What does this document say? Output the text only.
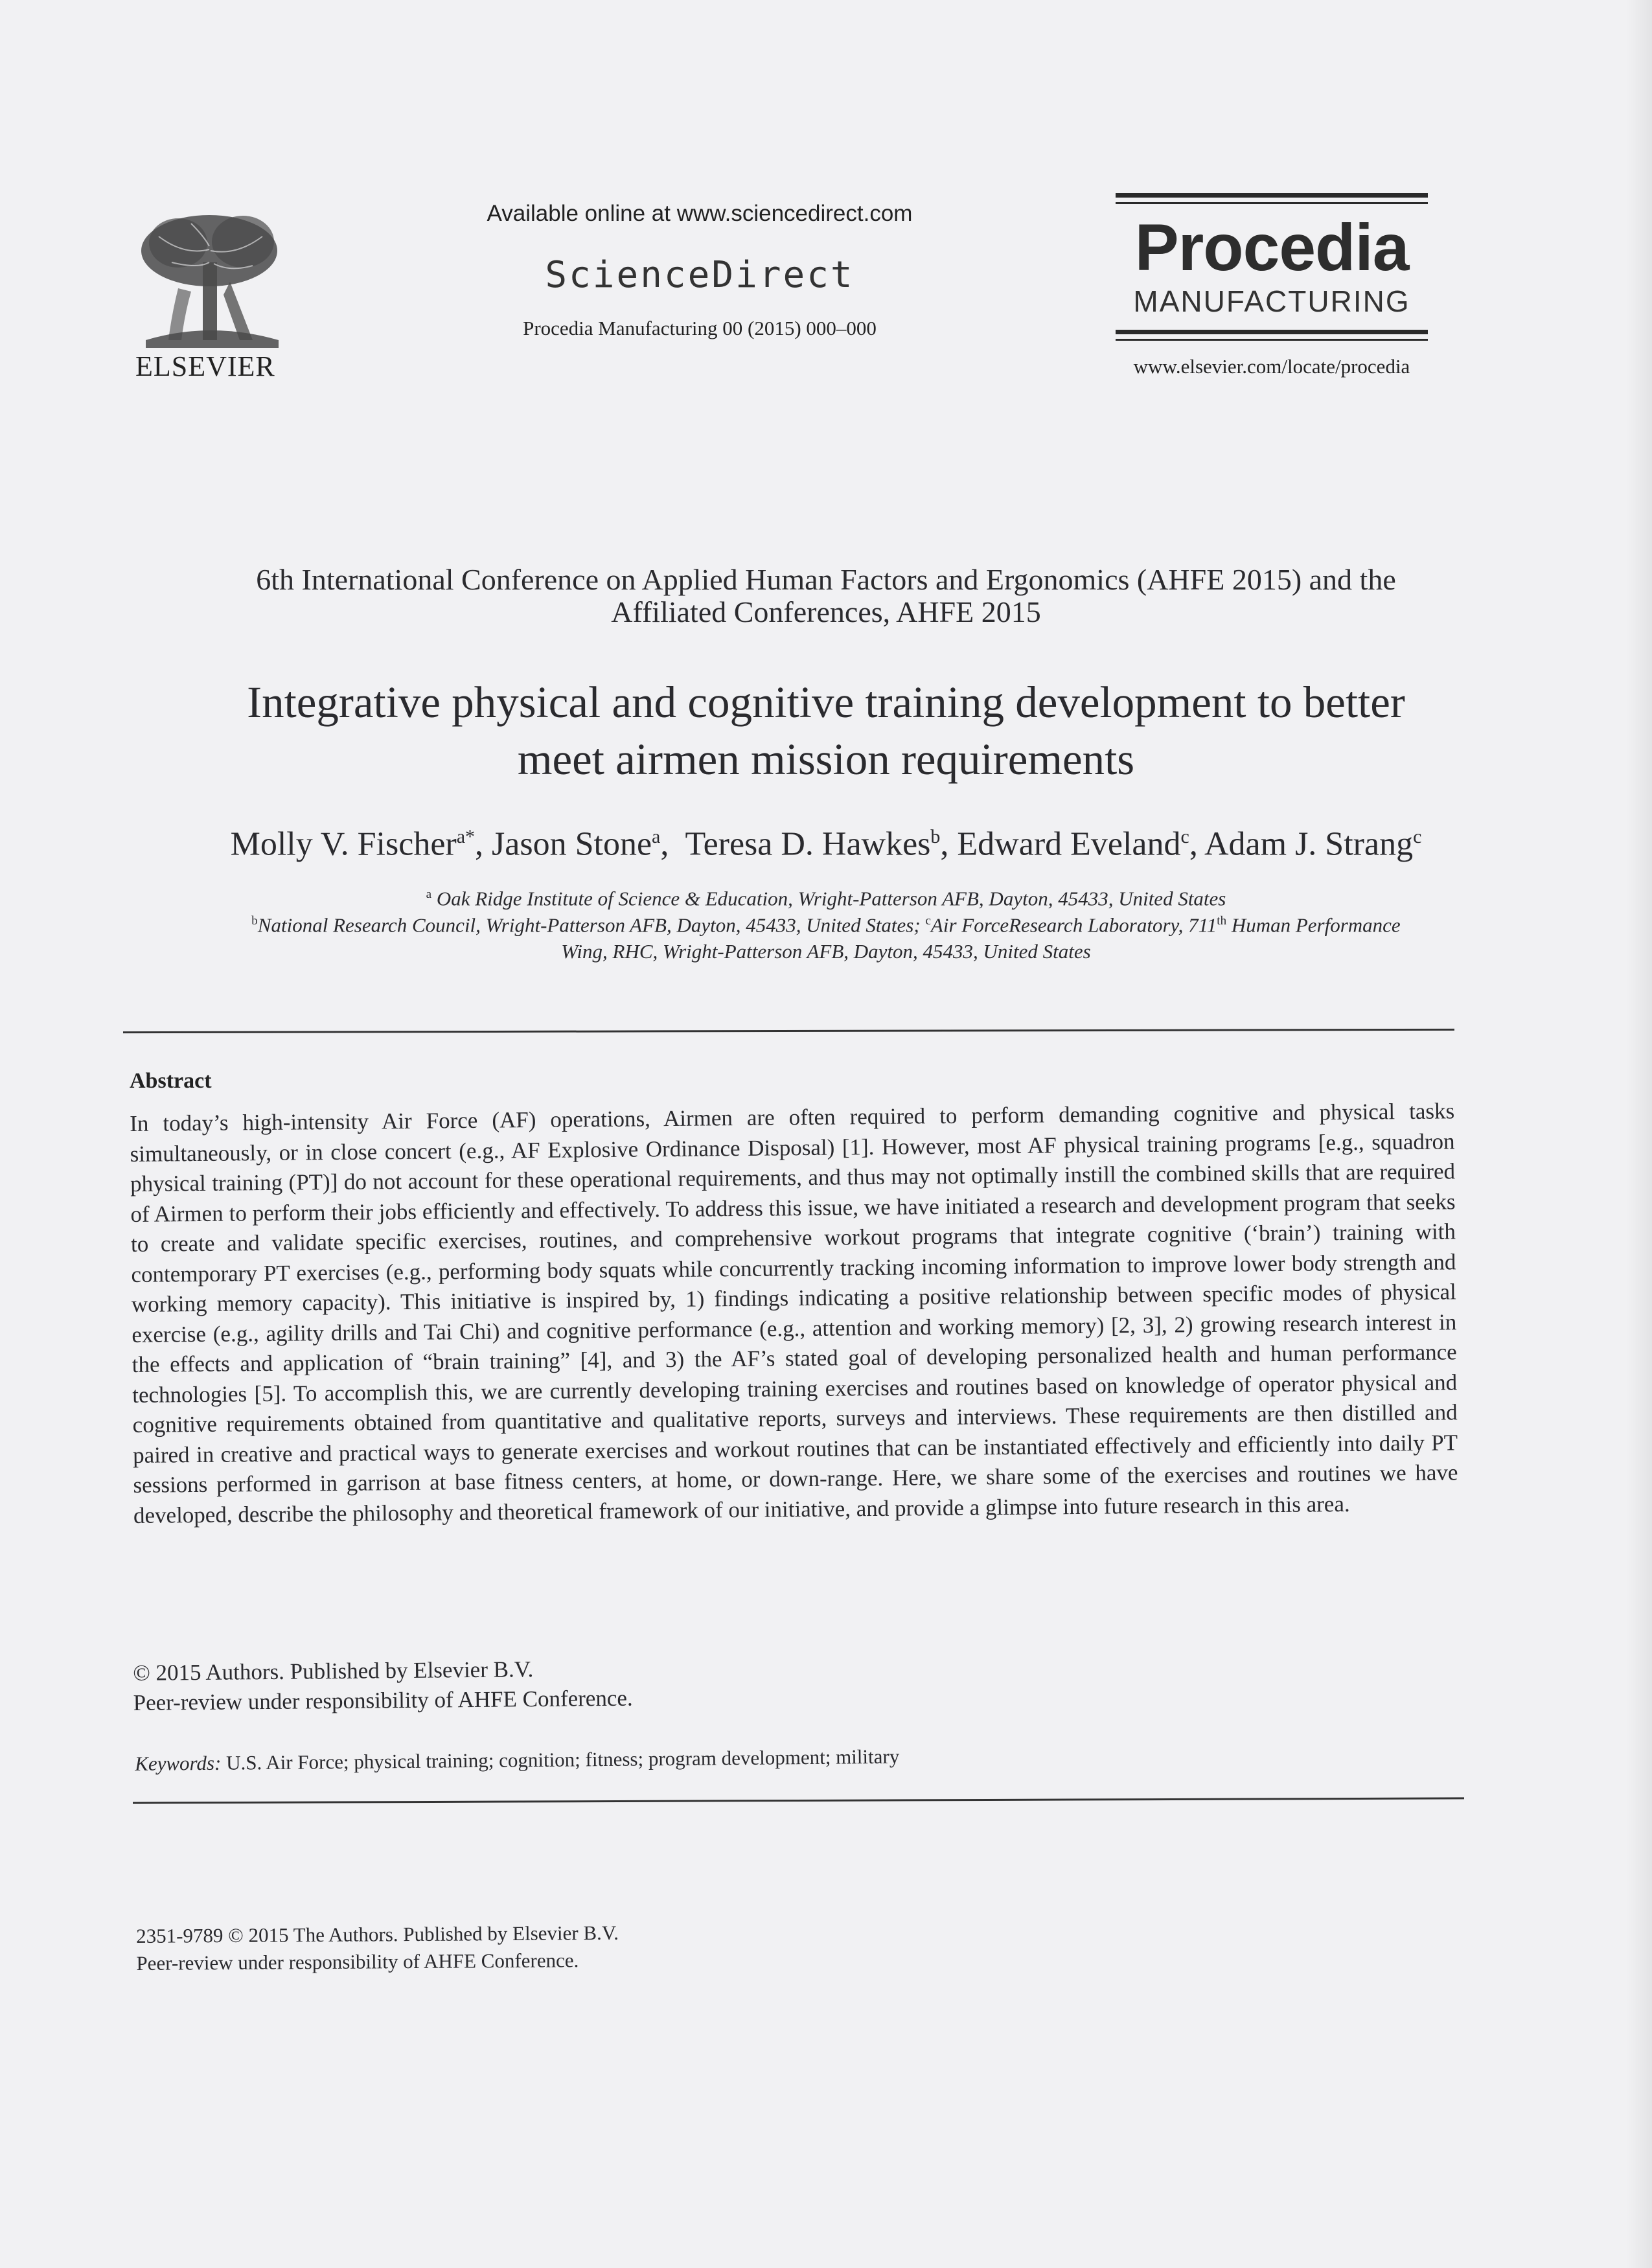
ELSEVIER
Available online at www.sciencedirect.com
ScienceDirect
Procedia Manufacturing 00 (2015) 000–000
Procedia
MANUFACTURING
www.elsevier.com/locate/procedia
6th International Conference on Applied Human Factors and Ergonomics (AHFE 2015) and the
Affiliated Conferences, AHFE 2015
Integrative physical and cognitive training development to better
meet airmen mission requirements
Molly V. Fischer$^{a*}$, Jason Stone$^a$,  Teresa D. Hawkes$^b$, Edward Eveland$^c$, Adam J. Strang$^c$
$^a$ Oak Ridge Institute of Science & Education, Wright-Patterson AFB, Dayton, 45433, United States
$^b$National Research Council, Wright-Patterson AFB, Dayton, 45433, United States; $^c$Air ForceResearch Laboratory, 711th Human Performance
Wing, RHC, Wright-Patterson AFB, Dayton, 45433, United States
Abstract
In today’s high-intensity Air Force (AF) operations, Airmen are often required to perform demanding cognitive and physical tasks simultaneously, or in close concert (e.g., AF Explosive Ordinance Disposal) [1]. However, most AF physical training programs [e.g., squadron physical training (PT)] do not account for these operational requirements, and thus may not optimally instill the combined skills that are required of Airmen to perform their jobs efficiently and effectively. To address this issue, we have initiated a research and development program that seeks to create and validate specific exercises, routines, and comprehensive workout programs that integrate cognitive (‘brain’) training with contemporary PT exercises (e.g., performing body squats while concurrently tracking incoming information to improve lower body strength and working memory capacity). This initiative is inspired by, 1) findings indicating a positive relationship between specific modes of physical exercise (e.g., agility drills and Tai Chi) and cognitive performance (e.g., attention and working memory) [2, 3], 2) growing research interest in the effects and application of “brain training” [4], and 3) the AF’s stated goal of developing personalized health and human performance technologies [5]. To accomplish this, we are currently developing training exercises and routines based on knowledge of operator physical and cognitive requirements obtained from quantitative and qualitative reports, surveys and interviews. These requirements are then distilled and paired in creative and practical ways to generate exercises and workout routines that can be instantiated effectively and efficiently into daily PT sessions performed in garrison at base fitness centers, at home, or down-range. Here, we share some of the exercises and routines we have developed, describe the philosophy and theoretical framework of our initiative, and provide a glimpse into future research in this area.
© 2015 Authors. Published by Elsevier B.V.
Peer-review under responsibility of AHFE Conference.
Keywords: U.S. Air Force; physical training; cognition; fitness; program development; military
2351-9789 © 2015 The Authors. Published by Elsevier B.V.
Peer-review under responsibility of AHFE Conference.
